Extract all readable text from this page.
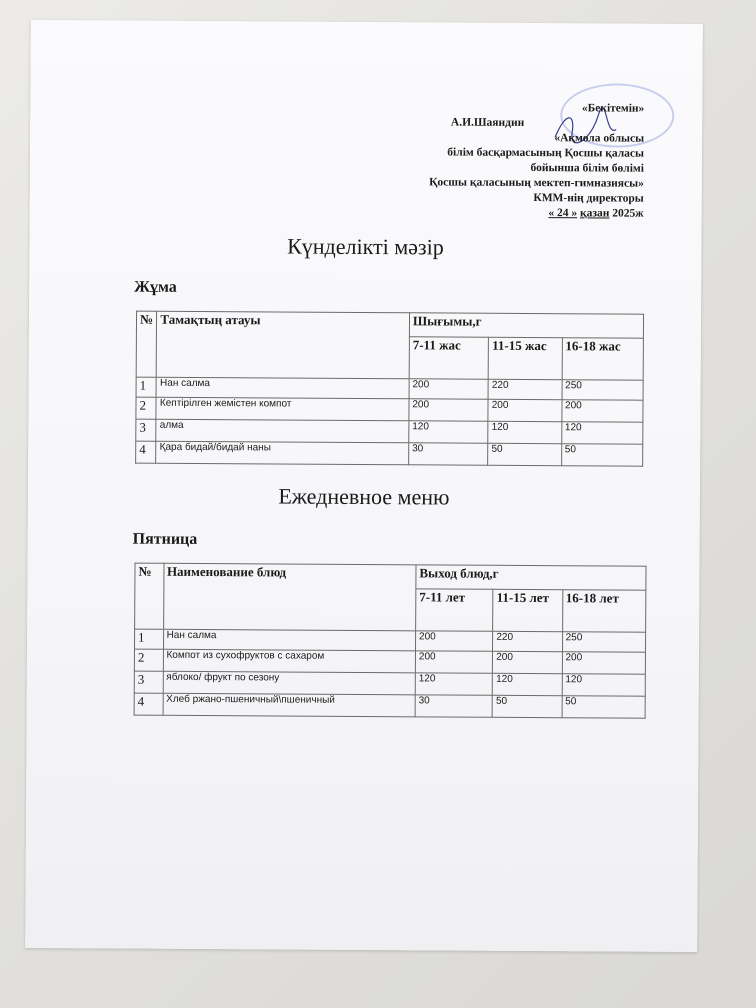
«Бекітемін»
А.И.Шаяндин
«Ақмола облысы
білім басқармасының Қосшы қаласы
бойынша білім бөлімі
Қосшы қаласының мектеп-гимназиясы»
КММ-нің директоры
« 24 » қазан 2025ж
Күнделікті мәзір

Жұма

№	Тамақтың атауы	Шығымы,г		
		7-11 жас	11-15 жас	16-18 жас
1	Нан салма	200	220	250
2	Кептірілген жемістен компот	200	200	200
3	алма	120	120	120
4	Қара бидай/бидай наны	30	50	50
Ежедневное меню

Пятница

№	Наименование блюд	Выход блюд,г		
		7-11 лет	11-15 лет	16-18 лет
1	Нан салма	200	220	250
2	Компот из сухофруктов с сахаром	200	200	200
3	яблоко/ фрукт по сезону	120	120	120
4	Хлеб ржано-пшеничный\пшеничный	30	50	50
